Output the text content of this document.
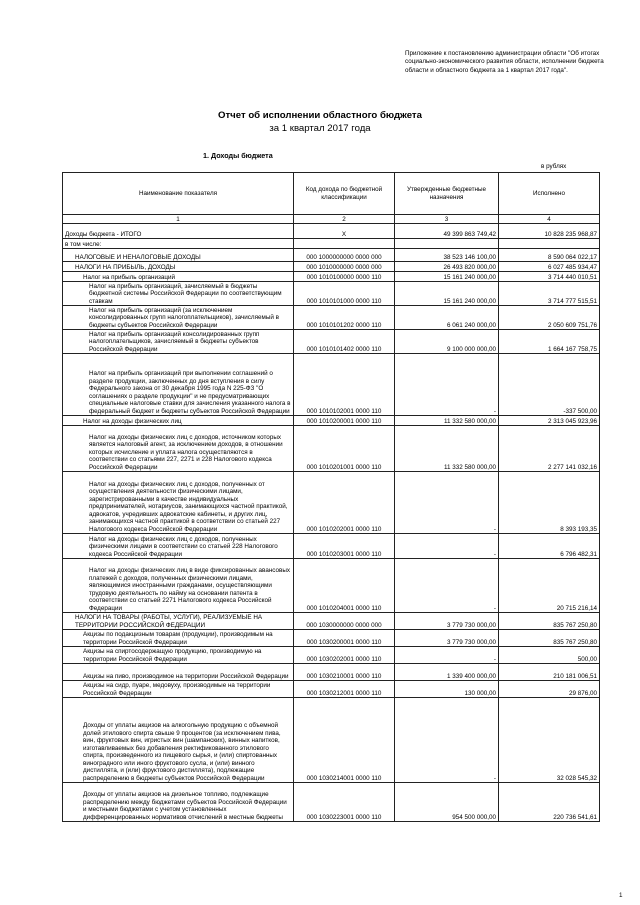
Приложение к постановлению администрации области "Об итогах социально-экономического развития области, исполнении бюджета области и областного бюджета за 1 квартал 2017 года".
Отчет об исполнении областного бюджета
за 1 квартал 2017 года
1. Доходы бюджета
в рублях
Наименование показателя	Код дохода по бюджетной классификации	Утвержденные бюджетные назначения	Исполнено
1	2	3	4
Доходы бюджета - ИТОГО	Х	49 399 863 749,42	10 828 235 968,87
в том числе:			
НАЛОГОВЫЕ И НЕНАЛОГОВЫЕ ДОХОДЫ	000 1000000000 0000 000	38 523 146 100,00	8 590 064 022,17
НАЛОГИ НА ПРИБЫЛЬ, ДОХОДЫ	000 1010000000 0000 000	26 493 820 000,00	6 027 485 934,47
Налог на прибыль организаций	000 1010100000 0000 110	15 161 240 000,00	3 714 440 010,51
Налог на прибыль организаций, зачисляемый в бюджеты бюджетной системы Российской Федерации по соответствующим ставкам	000 1010101000 0000 110	15 161 240 000,00	3 714 777 515,51
Налог на прибыль организаций (за исключением консолидированных групп налогоплательщиков), зачисляемый в бюджеты субъектов Российской Федерации	000 1010101202 0000 110	6 061 240 000,00	2 050 609 751,76
Налог на прибыль организаций консолидированных групп налогоплательщиков, зачисляемый в бюджеты субъектов Российской Федерации	000 1010101402 0000 110	9 100 000 000,00	1 664 167 758,75
Налог на прибыль организаций при выполнении соглашений о разделе продукции, заключенных до дня вступления в силу Федерального закона от 30 декабря 1995 года N 225-ФЗ "О соглашениях о разделе продукции" и не предусматривающих специальные налоговые ставки для зачисления указанного налога в федеральный бюджет и бюджеты субъектов Российской Федерации	000 1010102001 0000 110	-	-337 500,00
Налог на доходы физических лиц	000 1010200001 0000 110	11 332 580 000,00	2 313 045 923,96
Налог на доходы физических лиц с доходов, источником которых является налоговый агент, за исключением доходов, в отношении которых исчисление и уплата налога осуществляются в соответствии со статьями 227, 2271 и 228 Налогового кодекса Российской Федерации	000 1010201001 0000 110	11 332 580 000,00	2 277 141 032,16
Налог на доходы физических лиц с доходов, полученных от осуществления деятельности физическими лицами, зарегистрированными в качестве индивидуальных предпринимателей, нотариусов, занимающихся частной практикой, адвокатов, учредивших адвокатские кабинеты, и других лиц, занимающихся частной практикой в соответствии со статьей 227 Налогового кодекса Российской Федерации	000 1010202001 0000 110	-	8 393 193,35
Налог на доходы физических лиц с доходов, полученных физическими лицами в соответствии со статьей 228 Налогового кодекса Российской Федерации	000 1010203001 0000 110	-	6 796 482,31
Налог на доходы физических лиц в виде фиксированных авансовых платежей с доходов, полученных физическими лицами, являющимися иностранными гражданами, осуществляющими трудовую деятельность по найму на основании патента в соответствии со статьей 2271 Налогового кодекса Российской Федерации	000 1010204001 0000 110	-	20 715 216,14
НАЛОГИ НА ТОВАРЫ (РАБОТЫ, УСЛУГИ), РЕАЛИЗУЕМЫЕ НА ТЕРРИТОРИИ РОССИЙСКОЙ ФЕДЕРАЦИИ	000 1030000000 0000 000	3 779 730 000,00	835 767 250,80
Акцизы по подакцизным товарам (продукции), производимым на территории Российской Федерации	000 1030200001 0000 110	3 779 730 000,00	835 767 250,80
Акцизы на спиртосодержащую продукцию, производимую на территории Российской Федерации	000 1030202001 0000 110	-	500,00
Акцизы на пиво, производимое на территории Российской Федерации	000 1030210001 0000 110	1 339 400 000,00	210 181 006,51
Акцизы на сидр, пуаре, медовуху, производимые на территории Российской Федерации	000 1030212001 0000 110	130 000,00	29 876,00
Доходы от уплаты акцизов на алкогольную продукцию с объемной долей этилового спирта свыше 9 процентов (за исключением пива, вин, фруктовых вин, игристых вин (шампанских), винных напитков, изготавливаемых без добавления ректификованного этилового спирта, произведенного из пищевого сырья, и (или) спиртованных виноградного или иного фруктового сусла, и (или) винного дистиллята, и (или) фруктового дистиллята), подлежащие распределению в бюджеты субъектов Российской Федерации	000 1030214001 0000 110	-	32 028 545,32
Доходы от уплаты акцизов на дизельное топливо, подлежащие распределению между бюджетами субъектов Российской Федерации и местными бюджетами с учетом установленных дифференцированных нормативов отчислений в местные бюджеты	000 1030223001 0000 110	954 500 000,00	220 736 541,61
1
